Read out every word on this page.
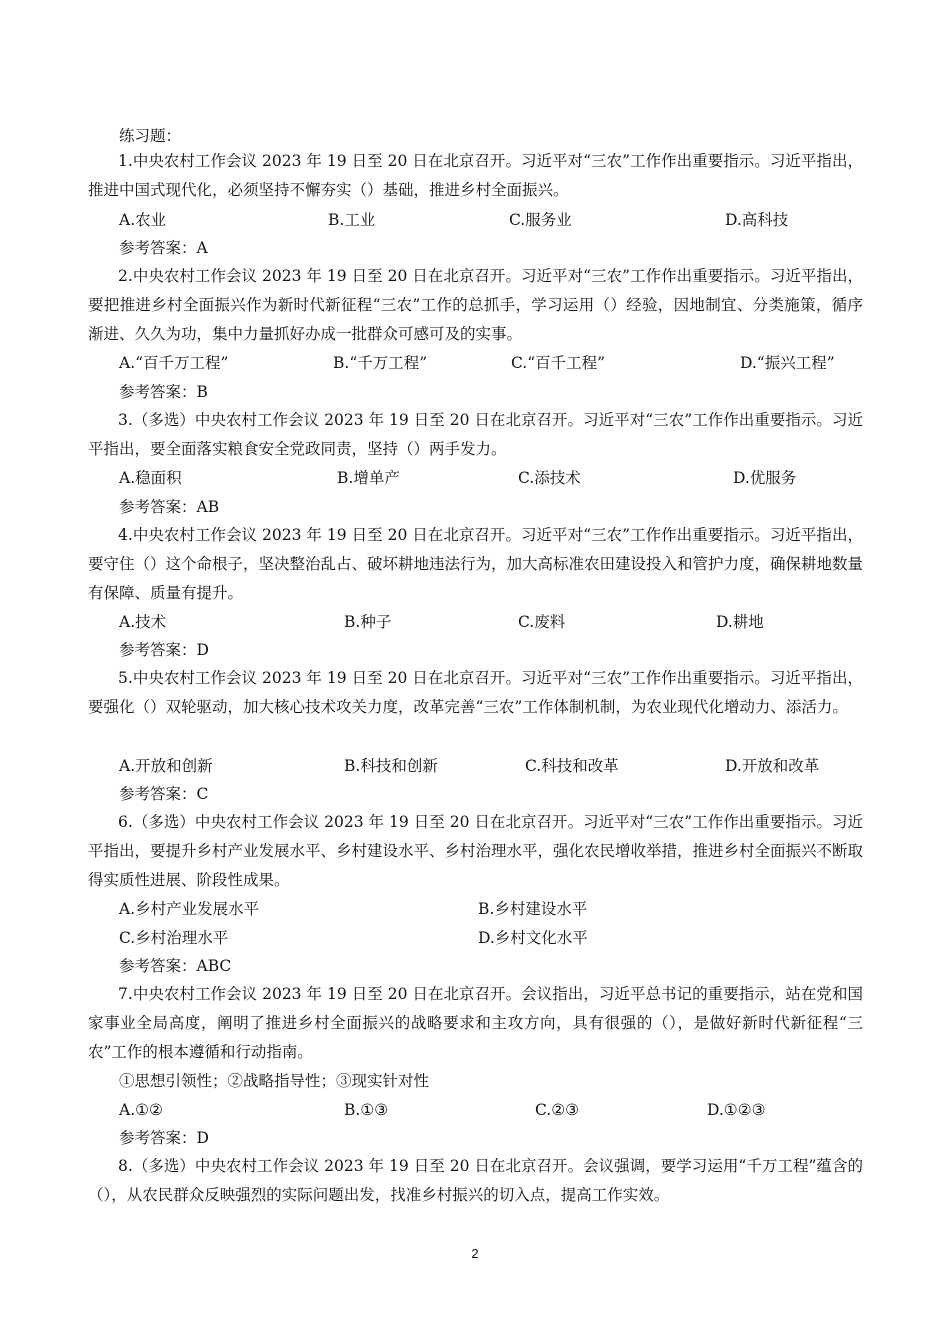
练习题：

1.中央农村工作会议 2023 年 19 日至 20 日在北京召开。习近平对“三农”工作作出重要指示。习近平指出，推进中国式现代化，必须坚持不懈夯实（）基础，推进乡村全面振兴。

A.农业	B.工业	C.服务业	D.高科技
参考答案：A

2.中央农村工作会议 2023 年 19 日至 20 日在北京召开。习近平对“三农”工作作出重要指示。习近平指出，要把推进乡村全面振兴作为新时代新征程“三农”工作的总抓手，学习运用（）经验，因地制宜、分类施策，循序渐进、久久为功，集中力量抓好办成一批群众可感可及的实事。

A.“百千万工程”	B.“千万工程”	C.“百千工程”	D.“振兴工程”
参考答案：B

3.（多选）中央农村工作会议 2023 年 19 日至 20 日在北京召开。习近平对“三农”工作作出重要指示。习近平指出，要全面落实粮食安全党政同责，坚持（）两手发力。

A.稳面积	B.增单产	C.添技术	D.优服务
参考答案：AB

4.中央农村工作会议 2023 年 19 日至 20 日在北京召开。习近平对“三农”工作作出重要指示。习近平指出，要守住（）这个命根子，坚决整治乱占、破坏耕地违法行为，加大高标准农田建设投入和管护力度，确保耕地数量有保障、质量有提升。

A.技术	B.种子	C.废料	D.耕地
参考答案：D

5.中央农村工作会议 2023 年 19 日至 20 日在北京召开。习近平对“三农”工作作出重要指示。习近平指出，要强化（）双轮驱动，加大核心技术攻关力度，改革完善“三农”工作体制机制，为农业现代化增动力、添活力。

A.开放和创新	B.科技和创新	C.科技和改革	D.开放和改革
参考答案：C

6.（多选）中央农村工作会议 2023 年 19 日至 20 日在北京召开。习近平对“三农”工作作出重要指示。习近平指出，要提升乡村产业发展水平、乡村建设水平、乡村治理水平，强化农民增收举措，推进乡村全面振兴不断取得实质性进展、阶段性成果。

A.乡村产业发展水平	B.乡村建设水平
C.乡村治理水平	D.乡村文化水平
参考答案：ABC

7.中央农村工作会议 2023 年 19 日至 20 日在北京召开。会议指出，习近平总书记的重要指示，站在党和国家事业全局高度，阐明了推进乡村全面振兴的战略要求和主攻方向，具有很强的（），是做好新时代新征程“三农”工作的根本遵循和行动指南。

①思想引领性；②战略指导性；③现实针对性
A.①②	B.①③	C.②③	D.①②③
参考答案：D

8.（多选）中央农村工作会议 2023 年 19 日至 20 日在北京召开。会议强调，要学习运用“千万工程”蕴含的（），从农民群众反映强烈的实际问题出发，找准乡村振兴的切入点，提高工作实效。

2
